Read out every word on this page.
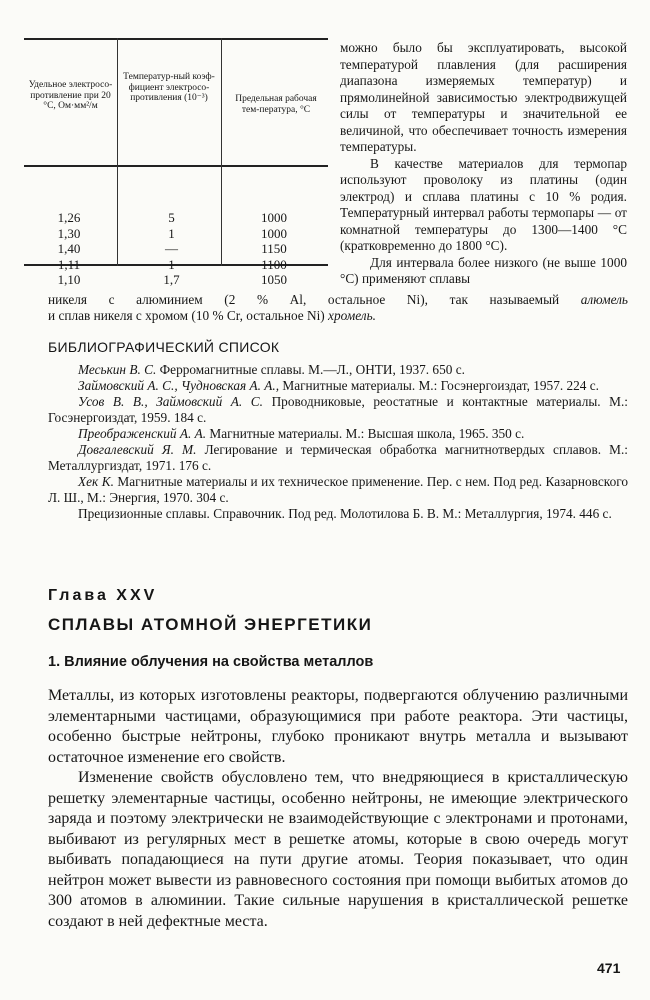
Удельное электросо-противление при 20 °С, Ом·мм²/м
Температур-ный коэф-фициент электросо-противления (10⁻³)	Предельная рабочая тем-пература, °С
1,26
1,30
1,40
1,11
1,10
5
1
—
1
1,7
1000
1000
1150
1100
1050

можно было бы эксплуатировать, высокой температурой плавления (для расширения диапазона измеряемых температур) и прямолинейной зависимостью электродвижущей силы от температуры и значительной ее величиной, что обеспечивает точность измерения температуры.

В качестве материалов для термопар используют проволоку из платины (один электрод) и сплава платины с 10 % родия. Температурный интервал работы термопары — от комнатной температуры до 1300—1400 °С (кратковременно до 1800 °С).

Для интервала более низкого (не выше 1000 °С) применяют сплавы

никеля с алюминием (2 % Al, остальное Ni), так называемый алюмель
и сплав никеля с хромом (10 % Cr, остальное Ni) хромель.
БИБЛИОГРАФИЧЕСКИЙ СПИСОК

Меськин В. С. Ферромагнитные сплавы. М.—Л., ОНТИ, 1937. 650 с.

Займовский А. С., Чудновская А. А., Магнитные материалы. М.: Госэнергоиздат, 1957. 224 с.

Усов В. В., Займовский А. С. Проводниковые, реостатные и контактные материалы. М.: Госэнергоиздат, 1959. 184 с.

Преображенский А. А. Магнитные материалы. М.: Высшая школа, 1965. 350 с.

Довгалевский Я. М. Легирование и термическая обработка магнитнотвердых сплавов. М.: Металлургиздат, 1971. 176 с.

Хек К. Магнитные материалы и их техническое применение. Пер. с нем. Под ред. Казарновского Л. Ш., М.: Энергия, 1970. 304 с.

Прецизионные сплавы. Справочник. Под ред. Молотилова Б. В. М.: Металлургия, 1974. 446 с.

Глава XXV
СПЛАВЫ АТОМНОЙ ЭНЕРГЕТИКИ
1. Влияние облучения на свойства металлов

Металлы, из которых изготовлены реакторы, подвергаются облучению различными элементарными частицами, образующимися при работе реактора. Эти частицы, особенно быстрые нейтроны, глубоко проникают внутрь металла и вызывают остаточное изменение его свойств.

Изменение свойств обусловлено тем, что внедряющиеся в кристаллическую решетку элементарные частицы, особенно нейтроны, не имеющие электрического заряда и поэтому электрически не взаимодействующие с электронами и протонами, выбивают из регулярных мест в решетке атомы, которые в свою очередь могут выбивать попадающиеся на пути другие атомы. Теория показывает, что один нейтрон может вывести из равновесного состояния при помощи выбитых атомов до 300 атомов в алюминии. Такие сильные нарушения в кристаллической решетке создают в ней дефектные места.

471
